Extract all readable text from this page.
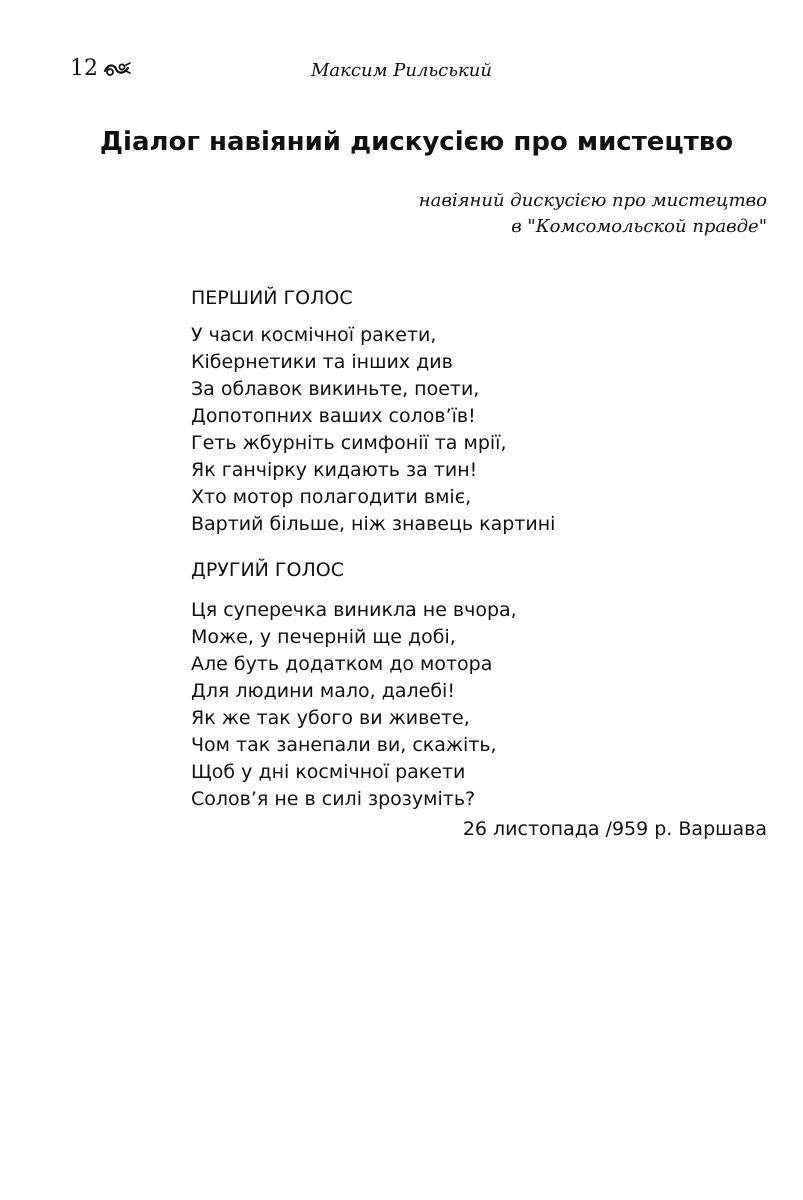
12	Максим Рильський
Діалог навіяний дискусією про мистецтво
навіяний дискусією про мистецтво
в "Комсомольской правде"
ПЕРШИЙ ГОЛОС
У часи космічної ракети,
Кібернетики та інших див
За облавок викиньте, поети,
Допотопних ваших солов’їв!
Геть жбурніть симфонії та мрії,
Як ганчірку кидають за тин!
Хто мотор полагодити вміє,
Вартий більше, ніж знавець картині
ДРУГИЙ ГОЛОС
Ця суперечка виникла не вчора,
Може, у печерній ще добі,
Але буть додатком до мотора
Для людини мало, далебі!
Як же так убого ви живете,
Чом так занепали ви, скажіть,
Щоб у дні космічної ракети
Солов’я не в силі зрозуміть?
26 листопада /959 р. Варшава
